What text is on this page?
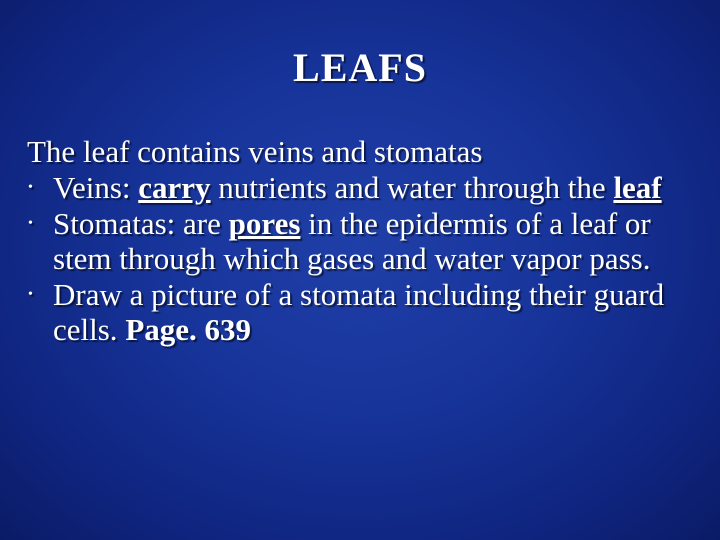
LEAFS
The leaf contains veins and stomatas
• Veins: carry nutrients and water through the leaf
• Stomatas: are pores in the epidermis of a leaf or stem through which gases and water vapor pass.
• Draw a picture of a stomata including their guard cells. Page. 639
